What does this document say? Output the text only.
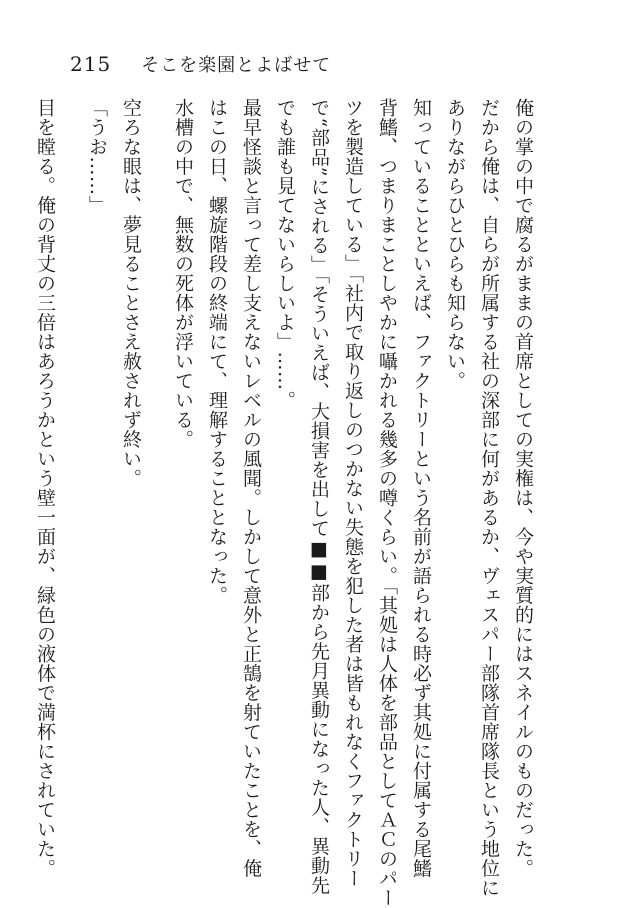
215 そこを楽園とよばせて

俺の掌の中で腐るがままの首席としての実権は、今や実質的にはスネイルのものだった。

だから俺は、自らが所属する社の深部に何があるか、ヴェスパー部隊首席隊長という地位に

ありながらひとひらも知らない。

知っていることといえば、ファクトリーという名前が語られる時必ず其処に付属する尾鰭

背鰭、つまりまことしやかに囁かれる幾多の噂くらい。「其処は人体を部品としてＡＣのパー

ツを製造している」「社内で取り返しのつかない失態を犯した者は皆もれなくファクトリー

で“部品”にされる」「そういえば、大損害を出して■■部から先月異動になった人、異動先

でも誰も見てないらしいよ」……。

最早怪談と言って差し支えないレベルの風聞。しかして意外と正鵠を射ていたことを、俺

はこの日、螺旋階段の終端にて、理解することとなった。

水槽の中で、無数の死体が浮いている。

空ろな眼は、夢見ることさえ赦されず終い。

「うお……」

目を瞠る。俺の背丈の三倍はあろうかという壁一面が、緑色の液体で満杯にされていた。
